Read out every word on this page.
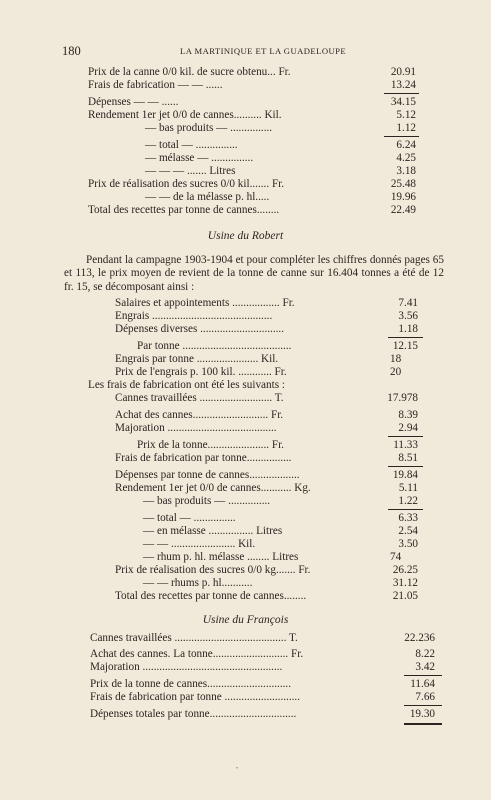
180	LA MARTINIQUE ET LA GUADELOUPE
Prix de la canne 0/0 kil. de sucre obtenu... Fr.	20.91
Frais de fabrication — — ......	13.24
Dépenses — — ......	34.15
Rendement 1er jet 0/0 de cannes.......... Kil.	5.12
— bas produits — ...............	1.12
— total — ...............	6.24
— mélasse — ...............	4.25
— — — ....... Litres	3.18
Prix de réalisation des sucres 0/0 kil....... Fr.	25.48
— — de la mélasse p. hl.....	19.96
Total des recettes par tonne de cannes........	22.49
Usine du Robert

Pendant la campagne 1903-1904 et pour compléter les chiffres donnés pages 65 et 113, le prix moyen de revient de la tonne de canne sur 16.404 tonnes a été de 12 fr. 15, se décomposant ainsi :

Salaires et appointements ................. Fr.	7.41
Engrais ...........................................	3.56
Dépenses diverses ..............................	1.18
Par tonne .......................................	12.15
Engrais par tonne ...................... Kil.	18
Prix de l'engrais p. 100 kil. ............ Fr.	20
Les frais de fabrication ont été les suivants :
Cannes travaillées .......................... T.	17.978
Achat des cannes........................... Fr.	8.39
Majoration .......................................	2.94
Prix de la tonne...................... Fr.	11.33
Frais de fabrication par tonne................	8.51
Dépenses par tonne de cannes..................	19.84
Rendement 1er jet 0/0 de cannes........... Kg.	5.11
— bas produits — ...............	1.22
— total — ...............	6.33
— en mélasse ................ Litres	2.54
— — ....................... Kil.	3.50
— rhum p. hl. mélasse ........ Litres	74
Prix de réalisation des sucres 0/0 kg....... Fr.	26.25
— — rhums p. hl...........	31.12
Total des recettes par tonne de cannes........	21.05
Usine du François
Cannes travaillées ........................................ T.	22.236
Achat des cannes. La tonne........................... Fr.	8.22
Majoration ..................................................	3.42
Prix de la tonne de cannes..............................	11.64
Frais de fabrication par tonne ...........................	7.66
Dépenses totales par tonne...............................	19.30
•
